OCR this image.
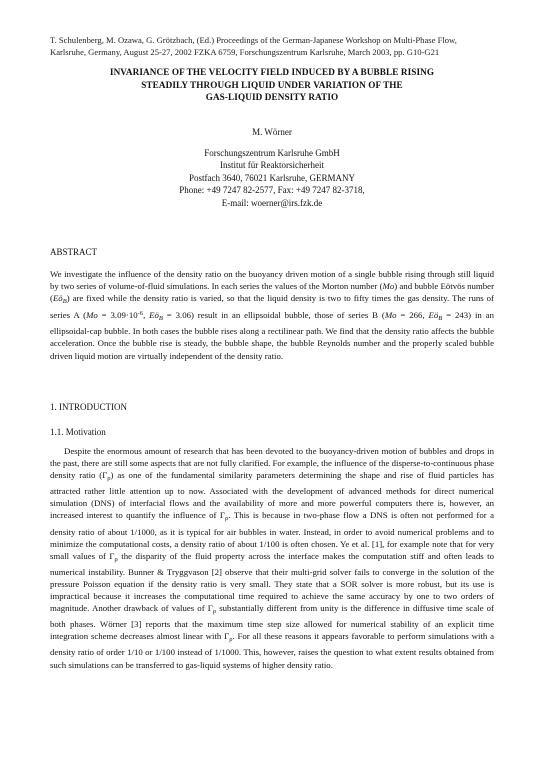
T. Schulenberg, M. Ozawa, G. Grötzbach, (Ed.) Proceedings of the German-Japanese Workshop on Multi-Phase Flow,
Karlsruhe, Germany, August 25-27, 2002 FZKA 6759, Forschungszentrum Karlsruhe, March 2003, pp. G10-G21
INVARIANCE OF THE VELOCITY FIELD INDUCED BY A BUBBLE RISING
STEADILY THROUGH LIQUID UNDER VARIATION OF THE
GAS-LIQUID DENSITY RATIO
M. Wörner
Forschungszentrum Karlsruhe GmbH
Institut für Reaktorsicherheit
Postfach 3640, 76021 Karlsruhe, GERMANY
Phone: +49 7247 82-2577, Fax: +49 7247 82-3718,
E-mail: woerner@irs.fzk.de
ABSTRACT

We investigate the influence of the density ratio on the buoyancy driven motion of a single bubble rising through still liquid by two series of volume-of-fluid simulations. In each series the values of the Morton number (Mo) and bubble Eötvös number $(Eö_B)$ are fixed while the density ratio is varied, so that the liquid density is two to fifty times the gas density. The runs of series A ($Mo = 3.09\cdot 10^{-6}$, $Eö_B = 3.06$) result in an ellipsoidal bubble, those of series B (Mo = 266, $Eö_B = 243$) in an ellipsoidal-cap bubble. In both cases the bubble rises along a rectilinear path. We find that the density ratio affects the bubble acceleration. Once the bubble rise is steady, the bubble shape, the bubble Reynolds number and the properly scaled bubble driven liquid motion are virtually independent of the density ratio.

1. INTRODUCTION
1.1. Motivation

Despite the enormous amount of research that has been devoted to the buoyancy-driven motion of bubbles and drops in the past, there are still some aspects that are not fully clarified. For example, the influence of the disperse-to-continuous phase density ratio $(\Gamma_\rho)$ as one of the fundamental similarity parameters determining the shape and rise of fluid particles has attracted rather little attention up to now. Associated with the development of advanced methods for direct numerical simulation (DNS) of interfacial flows and the availability of more and more powerful computers there is, however, an increased interest to quantify the influence of $\Gamma_\rho$. This is because in two-phase flow a DNS is often not performed for a density ratio of about 1/1000, as it is typical for air bubbles in water. Instead, in order to avoid numerical problems and to minimize the computational costs, a density ratio of about 1/100 is often chosen. Ye et al. [1], for example note that for very small values of $\Gamma_\rho$ the disparity of the fluid property across the interface makes the computation stiff and often leads to numerical instability. Bunner & Tryggvason [2] observe that their multi-grid solver fails to converge in the solution of the pressure Poisson equation if the density ratio is very small. They state that a SOR solver is more robust, but its use is impractical because it increases the computational time required to achieve the same accuracy by one to two orders of magnitude. Another drawback of values of $\Gamma_\rho$ substantially different from unity is the difference in diffusive time scale of both phases. Wörner [3] reports that the maximum time step size allowed for numerical stability of an explicit time integration scheme decreases almost linear with $\Gamma_\rho$. For all these reasons it appears favorable to perform simulations with a density ratio of order 1/10 or 1/100 instead of 1/1000. This, however, raises the question to what extent results obtained from such simulations can be transferred to gas-liquid systems of higher density ratio.
